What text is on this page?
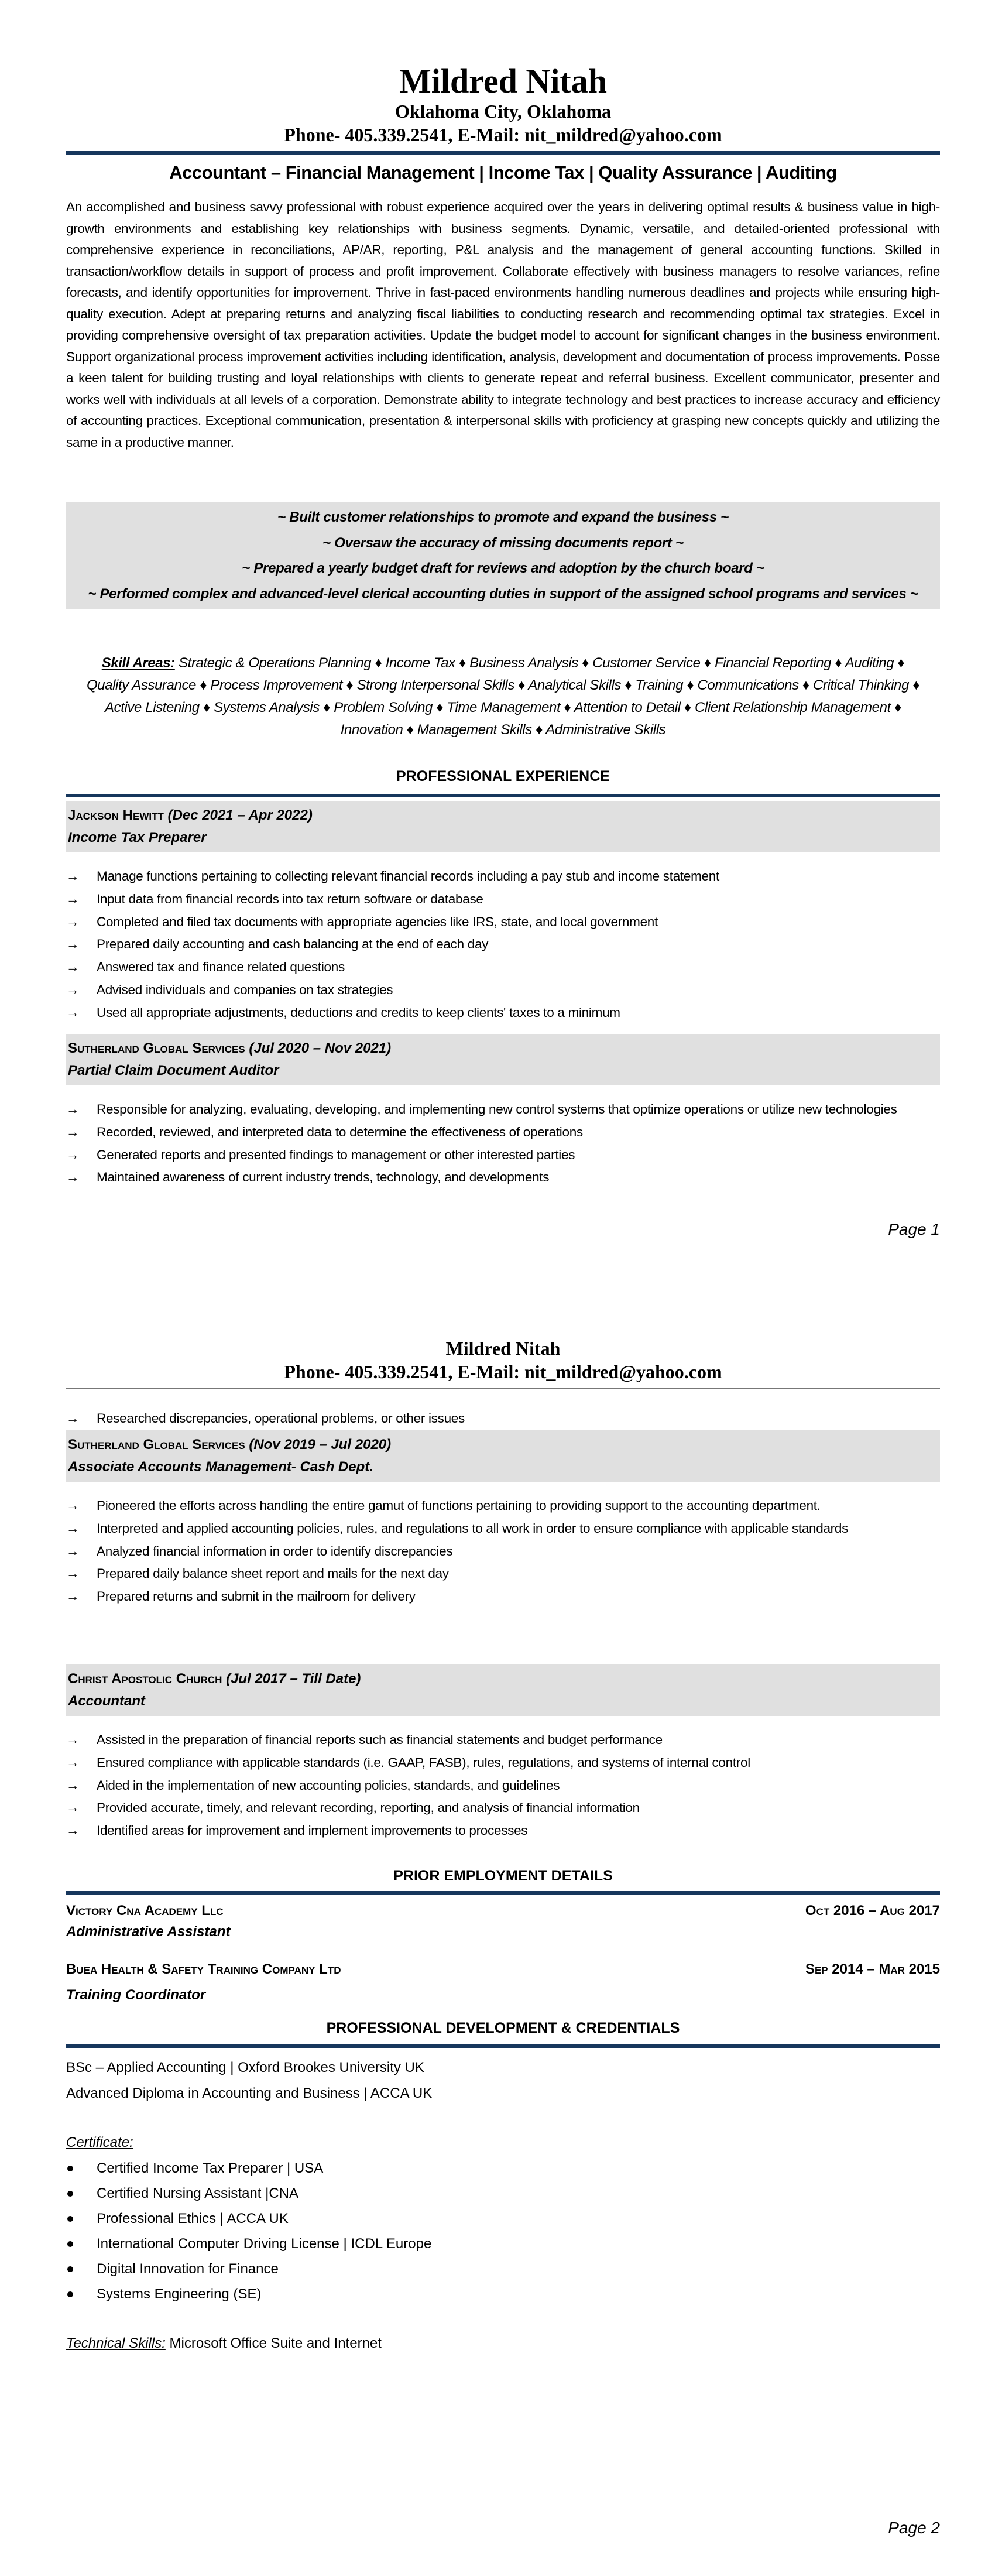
Mildred Nitah
Oklahoma City, Oklahoma
Phone- 405.339.2541, E-Mail: nit_mildred@yahoo.com
Accountant – Financial Management | Income Tax | Quality Assurance | Auditing
An accomplished and business savvy professional with robust experience acquired over the years in delivering optimal results & business value in high-growth environments and establishing key relationships with business segments. Dynamic, versatile, and detailed-oriented professional with comprehensive experience in reconciliations, AP/AR, reporting, P&L analysis and the management of general accounting functions. Skilled in transaction/workflow details in support of process and profit improvement. Collaborate effectively with business managers to resolve variances, refine forecasts, and identify opportunities for improvement. Thrive in fast-paced environments handling numerous deadlines and projects while ensuring high-quality execution. Adept at preparing returns and analyzing fiscal liabilities to conducting research and recommending optimal tax strategies. Excel in providing comprehensive oversight of tax preparation activities. Update the budget model to account for significant changes in the business environment. Support organizational process improvement activities including identification, analysis, development and documentation of process improvements. Posse a keen talent for building trusting and loyal relationships with clients to generate repeat and referral business. Excellent communicator, presenter and works well with individuals at all levels of a corporation. Demonstrate ability to integrate technology and best practices to increase accuracy and efficiency of accounting practices. Exceptional communication, presentation & interpersonal skills with proficiency at grasping new concepts quickly and utilizing the same in a productive manner.
~ Built customer relationships to promote and expand the business ~
~ Oversaw the accuracy of missing documents report ~
~ Prepared a yearly budget draft for reviews and adoption by the church board ~
~ Performed complex and advanced-level clerical accounting duties in support of the assigned school programs and services ~
Skill Areas: Strategic & Operations Planning ♦ Income Tax ♦ Business Analysis ♦ Customer Service ♦ Financial Reporting ♦ Auditing ♦ Quality Assurance ♦ Process Improvement ♦ Strong Interpersonal Skills ♦ Analytical Skills ♦ Training ♦ Communications ♦ Critical Thinking ♦ Active Listening ♦ Systems Analysis ♦ Problem Solving ♦ Time Management ♦ Attention to Detail ♦ Client Relationship Management ♦ Innovation ♦ Management Skills ♦ Administrative Skills
PROFESSIONAL EXPERIENCE
Jackson Hewitt (Dec 2021 – Apr 2022)
Income Tax Preparer
→ Manage functions pertaining to collecting relevant financial records including a pay stub and income statement
→ Input data from financial records into tax return software or database
→ Completed and filed tax documents with appropriate agencies like IRS, state, and local government
→ Prepared daily accounting and cash balancing at the end of each day
→ Answered tax and finance related questions
→ Advised individuals and companies on tax strategies
→ Used all appropriate adjustments, deductions and credits to keep clients' taxes to a minimum
Sutherland Global Services (Jul 2020 – Nov 2021)
Partial Claim Document Auditor
→ Responsible for analyzing, evaluating, developing, and implementing new control systems that optimize operations or utilize new technologies
→ Recorded, reviewed, and interpreted data to determine the effectiveness of operations
→ Generated reports and presented findings to management or other interested parties
→ Maintained awareness of current industry trends, technology, and developments
Page 1
Mildred Nitah
Phone- 405.339.2541, E-Mail: nit_mildred@yahoo.com
→ Researched discrepancies, operational problems, or other issues
Sutherland Global Services (Nov 2019 – Jul 2020)
Associate Accounts Management- Cash Dept.
→ Pioneered the efforts across handling the entire gamut of functions pertaining to providing support to the accounting department.
→ Interpreted and applied accounting policies, rules, and regulations to all work in order to ensure compliance with applicable standards
→ Analyzed financial information in order to identify discrepancies
→ Prepared daily balance sheet report and mails for the next day
→ Prepared returns and submit in the mailroom for delivery
Christ Apostolic Church (Jul 2017 – Till Date)
Accountant
→ Assisted in the preparation of financial reports such as financial statements and budget performance
→ Ensured compliance with applicable standards (i.e. GAAP, FASB), rules, regulations, and systems of internal control
→ Aided in the implementation of new accounting policies, standards, and guidelines
→ Provided accurate, timely, and relevant recording, reporting, and analysis of financial information
→ Identified areas for improvement and implement improvements to processes
PRIOR EMPLOYMENT DETAILS
Victory Cna Academy Llc	Oct 2016 – Aug 2017
Administrative Assistant
Buea Health & Safety Training Company Ltd	Sep 2014 – Mar 2015
Training Coordinator
PROFESSIONAL DEVELOPMENT & CREDENTIALS
BSc – Applied Accounting | Oxford Brookes University UK
Advanced Diploma in Accounting and Business | ACCA UK
Certificate:
Certified Income Tax Preparer | USA
Certified Nursing Assistant |CNA
Professional Ethics | ACCA UK
International Computer Driving License | ICDL Europe
Digital Innovation for Finance
Systems Engineering (SE)
Technical Skills: Microsoft Office Suite and Internet
Page 2
